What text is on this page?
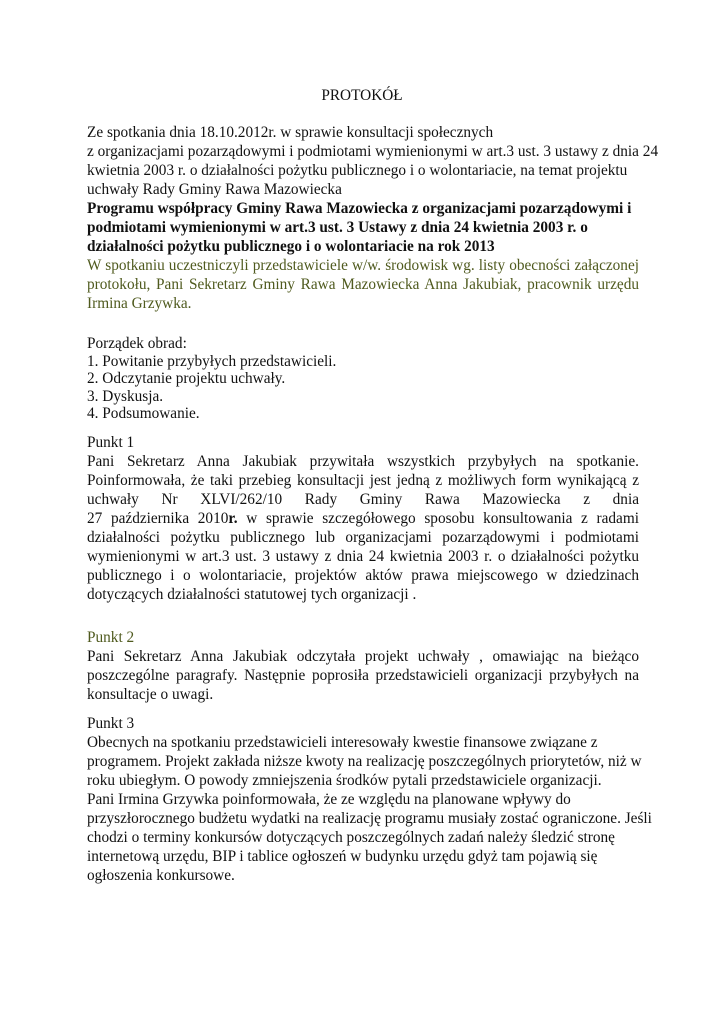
PROTOKÓŁ
Ze spotkania dnia 18.10.2012r. w sprawie konsultacji społecznych
z organizacjami pozarządowymi i podmiotami wymienionymi w art.3 ust. 3 ustawy z dnia 24
kwietnia 2003 r. o działalności pożytku publicznego i o wolontariacie, na temat projektu
uchwały Rady Gminy Rawa Mazowiecka
Programu współpracy Gminy Rawa Mazowiecka z organizacjami pozarządowymi i
podmiotami wymienionymi w art.3 ust. 3 Ustawy z dnia 24 kwietnia 2003 r. o
działalności pożytku publicznego i o wolontariacie na rok 2013
W spotkaniu uczestniczyli przedstawiciele w/w. środowisk wg. listy obecności załączonej
protokołu, Pani Sekretarz Gminy Rawa Mazowiecka Anna Jakubiak, pracownik urzędu
Irmina Grzywka.
Porządek obrad:
1. Powitanie przybyłych przedstawicieli.
2. Odczytanie projektu uchwały.
3. Dyskusja.
4. Podsumowanie.
Punkt 1
Pani Sekretarz Anna Jakubiak przywitała wszystkich przybyłych na spotkanie.
Poinformowała, że taki przebieg konsultacji jest jedną z możliwych form wynikającą z
uchwały Nr XLVI/262/10 Rady Gminy Rawa Mazowiecka z dnia
27 października 2010r. w sprawie szczegółowego sposobu konsultowania z radami
działalności pożytku publicznego lub organizacjami pozarządowymi i podmiotami
wymienionymi w art.3 ust. 3 ustawy z dnia 24 kwietnia 2003 r. o działalności pożytku
publicznego i o wolontariacie, projektów aktów prawa miejscowego w dziedzinach
dotyczących działalności statutowej tych organizacji .
Punkt 2
Pani Sekretarz Anna Jakubiak odczytała projekt uchwały , omawiając na bieżąco
poszczególne paragrafy. Następnie poprosiła przedstawicieli organizacji przybyłych na
konsultacje o uwagi.
Punkt 3
Obecnych na spotkaniu przedstawicieli interesowały kwestie finansowe związane z
programem. Projekt zakłada niższe kwoty na realizację poszczególnych priorytetów, niż w
roku ubiegłym. O powody zmniejszenia środków pytali przedstawiciele organizacji.
Pani Irmina Grzywka poinformowała, że ze względu na planowane wpływy do
przyszłorocznego budżetu wydatki na realizację programu musiały zostać ograniczone. Jeśli
chodzi o terminy konkursów dotyczących poszczególnych zadań należy śledzić stronę
internetową urzędu, BIP i tablice ogłoszeń w budynku urzędu gdyż tam pojawią się
ogłoszenia konkursowe.
